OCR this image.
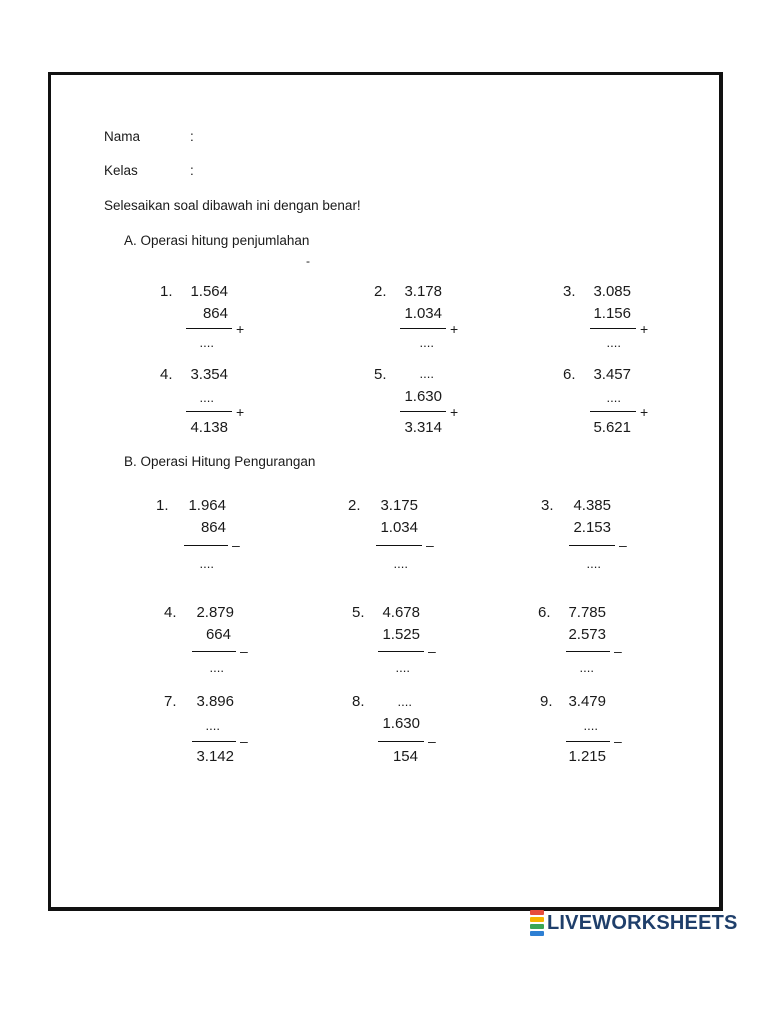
Nama	:
Kelas	:
Selesaikan soal dibawah ini dengan benar!
A. Operasi hitung penjumlahan
-
1.	1.564
864
+
....
2.	3.178
1.034
+
....
3.	3.085
1.156
+
....
4.	3.354
....
+
4.138
5.	....
1.630
+
3.314
6.	3.457
....
+
5.621
B. Operasi Hitung Pengurangan
1.	1.964
864
–
....
2.	3.175
1.034
–
....
3.	4.385
2.153
–
....
4.	2.879
664
–
....
5.	4.678
1.525
–
....
6.	7.785
2.573
–
....
7.	3.896
....
–
3.142
8.	....
1.630
–
154
9.	3.479
....
–
1.215
LIVEWORKSHEETS
